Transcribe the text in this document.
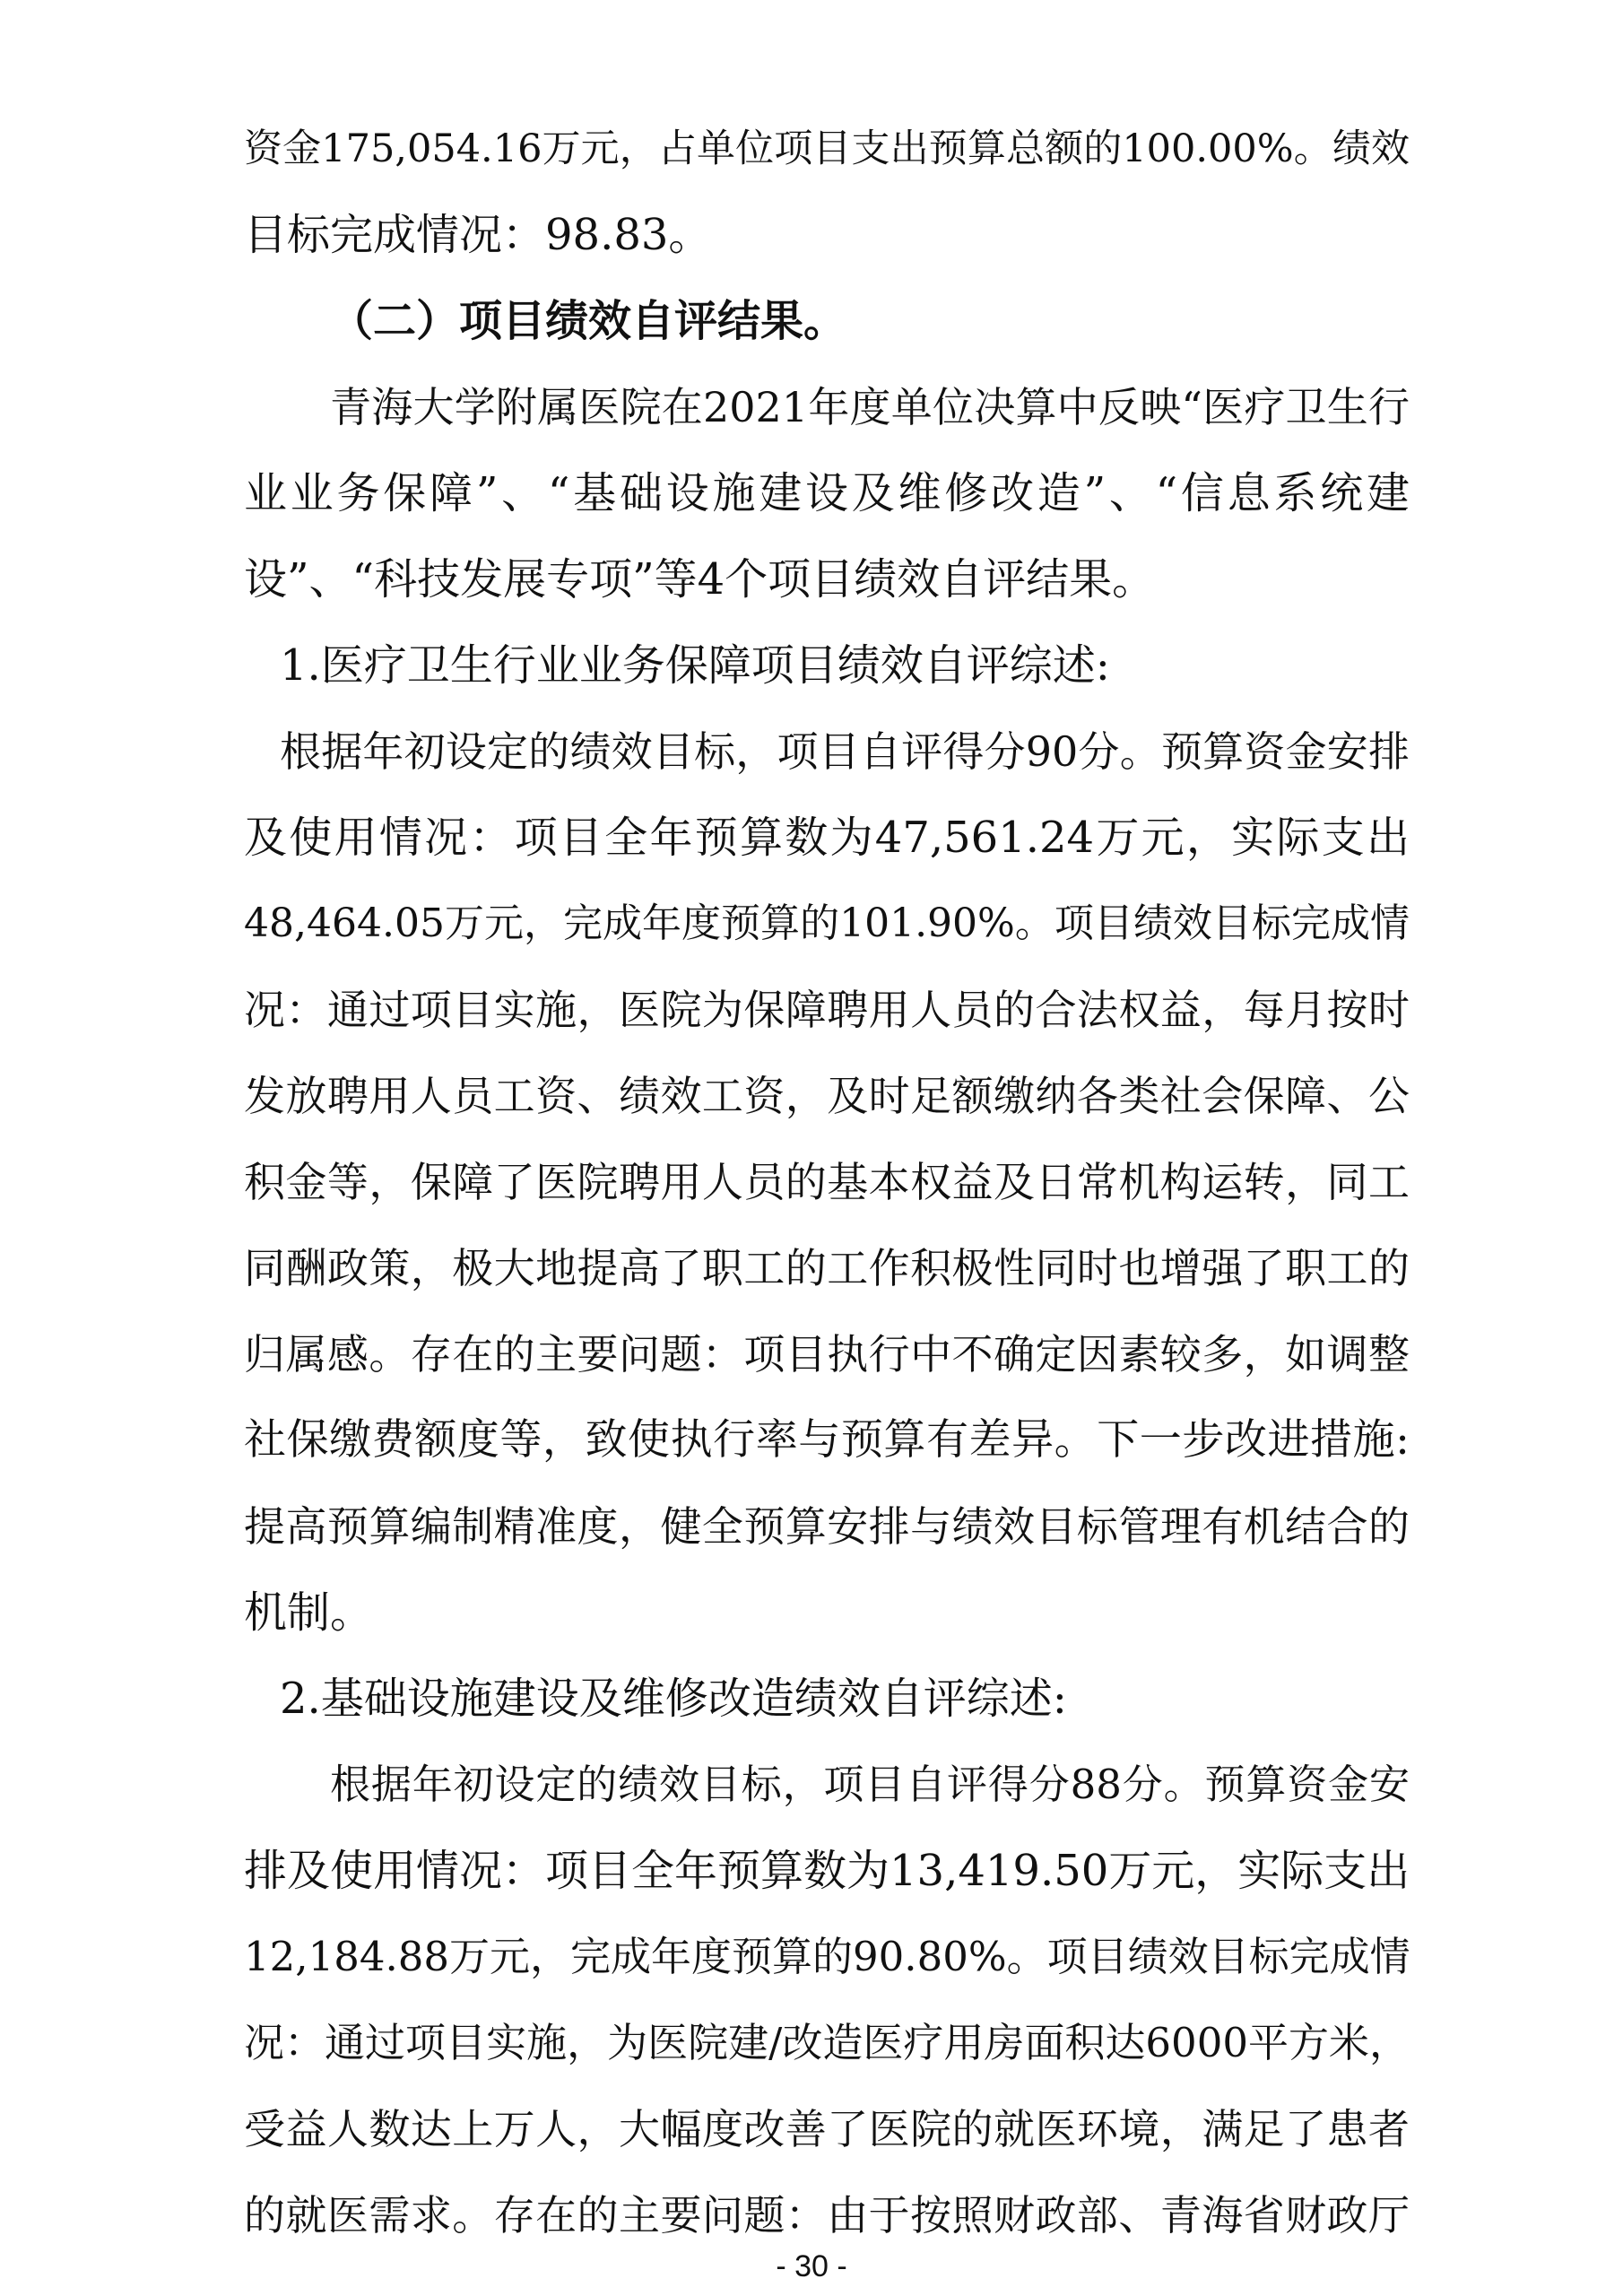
资金175,054.16万元，占单位项目支出预算总额的100.00%。绩效
目标完成情况：98.83。
（二）项目绩效自评结果。
青海大学附属医院在2021年度单位决算中反映“医疗卫生行
业业务保障”、“基础设施建设及维修改造”、“信息系统建
设”、“科技发展专项”等4个项目绩效自评结果。
1.医疗卫生行业业务保障项目绩效自评综述:
根据年初设定的绩效目标，项目自评得分90分。预算资金安排
及使用情况：项目全年预算数为47,561.24万元，实际支出
48,464.05万元，完成年度预算的101.90%。项目绩效目标完成情
况：通过项目实施，医院为保障聘用人员的合法权益，每月按时
发放聘用人员工资、绩效工资，及时足额缴纳各类社会保障、公
积金等，保障了医院聘用人员的基本权益及日常机构运转，同工
同酬政策，极大地提高了职工的工作积极性同时也增强了职工的
归属感。存在的主要问题：项目执行中不确定因素较多，如调整
社保缴费额度等，致使执行率与预算有差异。下一步改进措施:
提高预算编制精准度，健全预算安排与绩效目标管理有机结合的
机制。
2.基础设施建设及维修改造绩效自评综述:
根据年初设定的绩效目标，项目自评得分88分。预算资金安
排及使用情况：项目全年预算数为13,419.50万元，实际支出
12,184.88万元，完成年度预算的90.80%。项目绩效目标完成情
况：通过项目实施，为医院建/改造医疗用房面积达6000平方米，
受益人数达上万人，大幅度改善了医院的就医环境，满足了患者
的就医需求。存在的主要问题：由于按照财政部、青海省财政厅
- 30 -
